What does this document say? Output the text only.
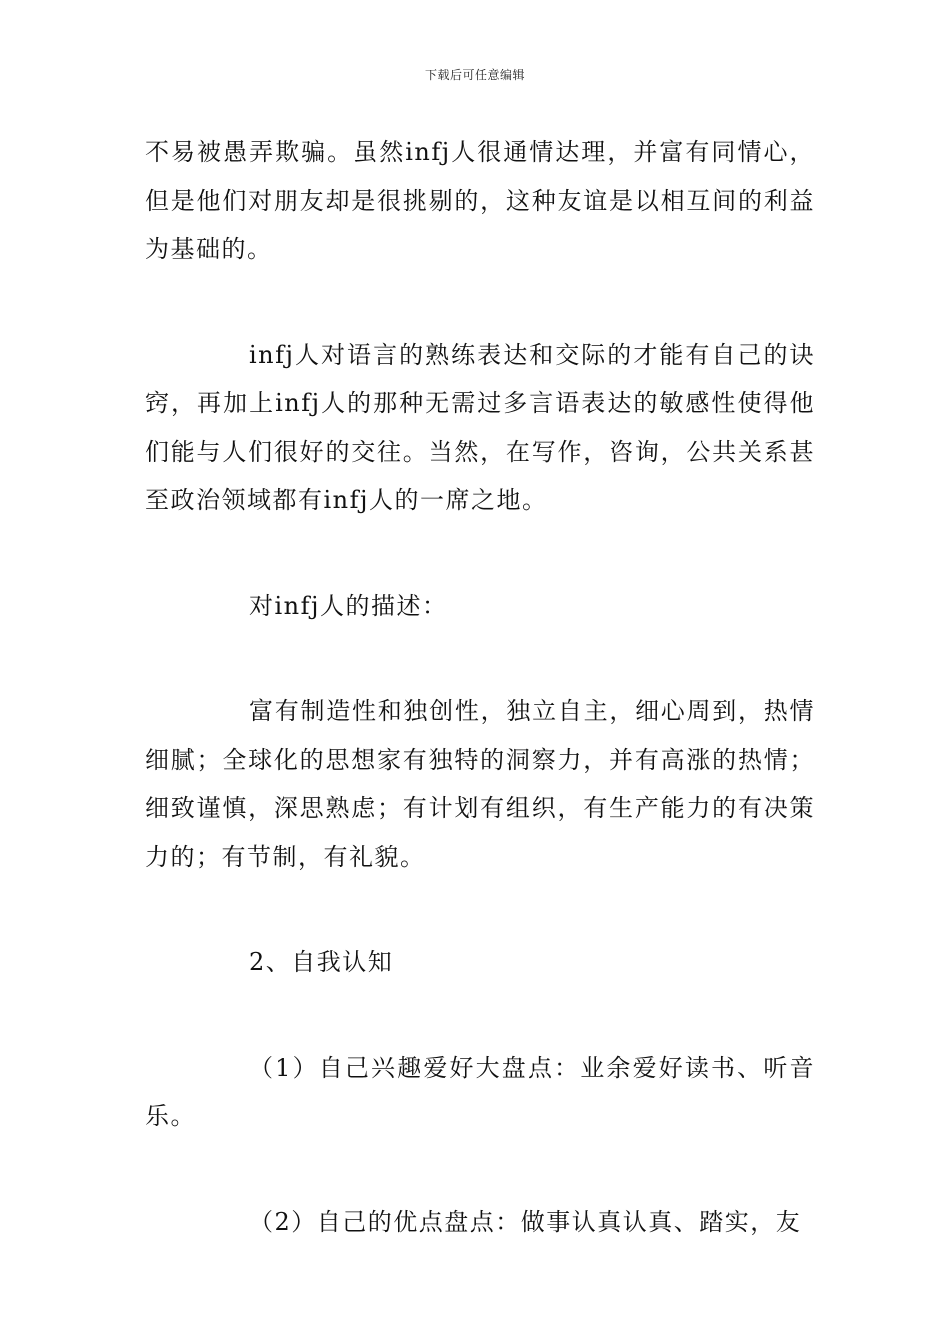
下载后可任意编辑

不易被愚弄欺骗。虽然infj人很通情达理，并富有同情心，但是他们对朋友却是很挑剔的，这种友谊是以相互间的利益为基础的。

infj人对语言的熟练表达和交际的才能有自己的诀窍，再加上infj人的那种无需过多言语表达的敏感性使得他们能与人们很好的交往。当然，在写作，咨询，公共关系甚至政治领域都有infj人的一席之地。

对infj人的描述：

富有制造性和独创性，独立自主，细心周到，热情细腻；全球化的思想家有独特的洞察力，并有高涨的热情；细致谨慎，深思熟虑；有计划有组织，有生产能力的有决策力的；有节制，有礼貌。

2、自我认知

（1）自己兴趣爱好大盘点：业余爱好读书、听音乐。

（2）自己的优点盘点：做事认真认真、踏实，友
